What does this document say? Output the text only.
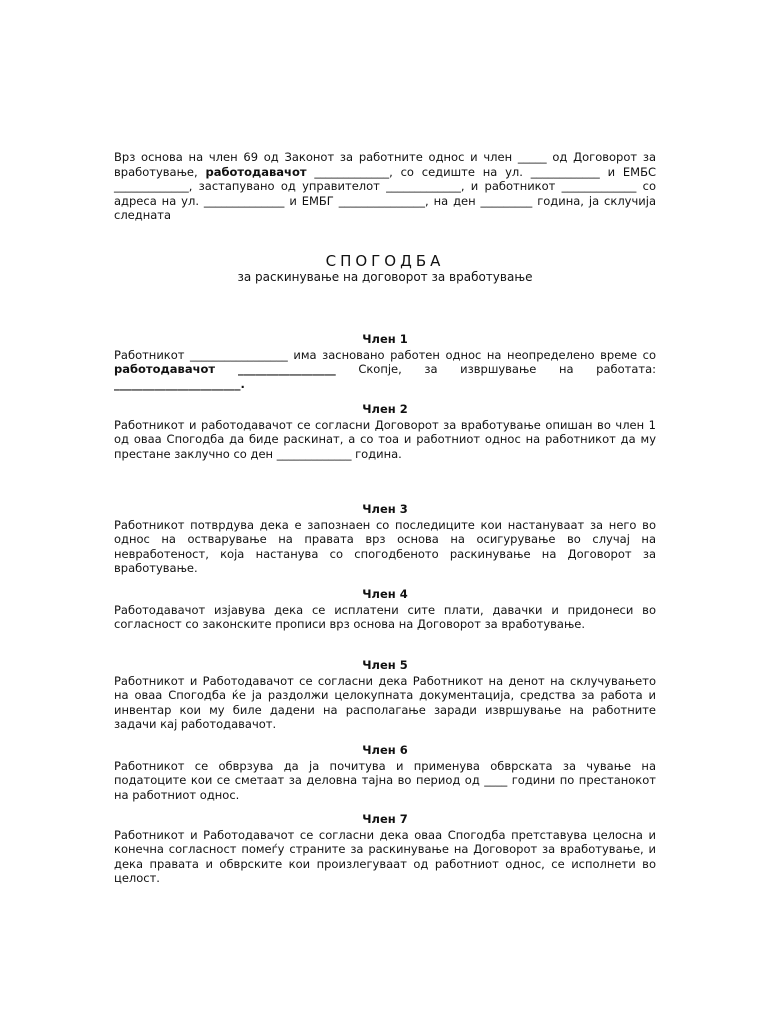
Врз основа на член 69 од Законот за работните однос и член _____ од Договорот за вработување, работодавачот _____________, со седиште на ул. ____________ и ЕМБС _____________, застапувано од управителот _____________, и работникот _____________ со адреса на ул. ______________ и ЕМБГ _______________, на ден _________ година, ја склучија следната
СПОГОДБА
за раскинување на договорот за вработување
Член 1
Работникот _________________ има засновано работен однос на неопределено време со работодавачот _________________ Скопје, за извршување на работата: ______________________.
Член 2
Работникот и работодавачот се согласни Договорот за вработување опишан во член 1 од оваа Спогодба да биде раскинат, а со тоа и работниот однос на работникот да му престане заклучно со ден _____________ година.
Член 3
Работникот потврдува дека е запознаен со последиците кои настануваат за него во однос на остварување на правата врз основа на осигурување во случај на невработеност, која настанува со спогодбеното раскинување на Договорот за вработување.
Член 4
Работодавачот изјавува дека се исплатени сите плати, давачки и придонеси во согласност со законските прописи врз основа на Договорот за вработување.
Член 5
Работникот и Работодавачот се согласни дека Работникот на денот на склучувањето на оваа Спогодба ќе ја раздолжи целокупната документација, средства за работа и инвентар кои му биле дадени на располагање заради извршување на работните задачи кај работодавачот.
Член 6
Работникот се обврзува да ја почитува и применува обврската за чување на податоците кои се сметаат за деловна тајна во период од ____ години по престанокот на работниот однос.
Член 7
Работникот и Работодавачот се согласни дека оваа Спогодба претставува целосна и конечна согласност помеѓу страните за раскинување на Договорот за вработување, и дека правата и обврските кои произлегуваат од работниот однос, се исполнети во целост.
